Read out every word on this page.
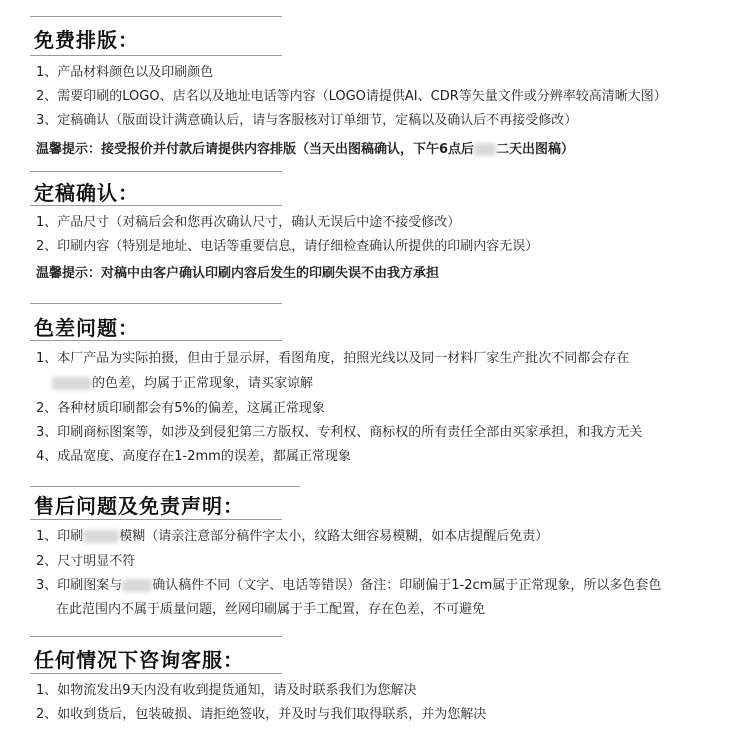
免费排版：
1、产品材料颜色以及印刷颜色
2、需要印刷的LOGO、店名以及地址电话等内容（LOGO请提供AI、CDR等矢量文件或分辨率较高清晰大图）
3、定稿确认（版面设计满意确认后，请与客服核对订单细节，定稿以及确认后不再接受修改）
温馨提示：接受报价并付款后请提供内容排版（当天出图稿确认，下午6点后 二天出图稿）
定稿确认：
1、产品尺寸（对稿后会和您再次确认尺寸，确认无误后中途不接受修改）
2、印刷内容（特别是地址、电话等重要信息，请仔细检查确认所提供的印刷内容无误）
温馨提示：对稿中由客户确认印刷内容后发生的印刷失误不由我方承担
色差问题：
1、本厂产品为实际拍摄，但由于显示屏，看图角度，拍照光线以及同一材料厂家生产批次不同都会存在
的色差，均属于正常现象，请买家谅解
2、各种材质印刷都会有5%的偏差，这属正常现象
3、印刷商标图案等，如涉及到侵犯第三方版权、专利权、商标权的所有责任全部由买家承担，和我方无关
4、成品宽度、高度存在1-2mm的误差，都属正常现象
售后问题及免责声明：
1、印刷	模糊（请亲注意部分稿件字太小，纹路太细容易模糊，如本店提醒后免责）
2、尺寸明显不符
3、印刷图案与 确认稿件不同（文字、电话等错误）备注：印刷偏于1-2cm属于正常现象，所以多色套色
在此范围内不属于质量问题，丝网印刷属于手工配置，存在色差，不可避免
任何情况下咨询客服：
1、如物流发出9天内没有收到提货通知，请及时联系我们为您解决
2、如收到货后，包装破损、请拒绝签收，并及时与我们取得联系，并为您解决
